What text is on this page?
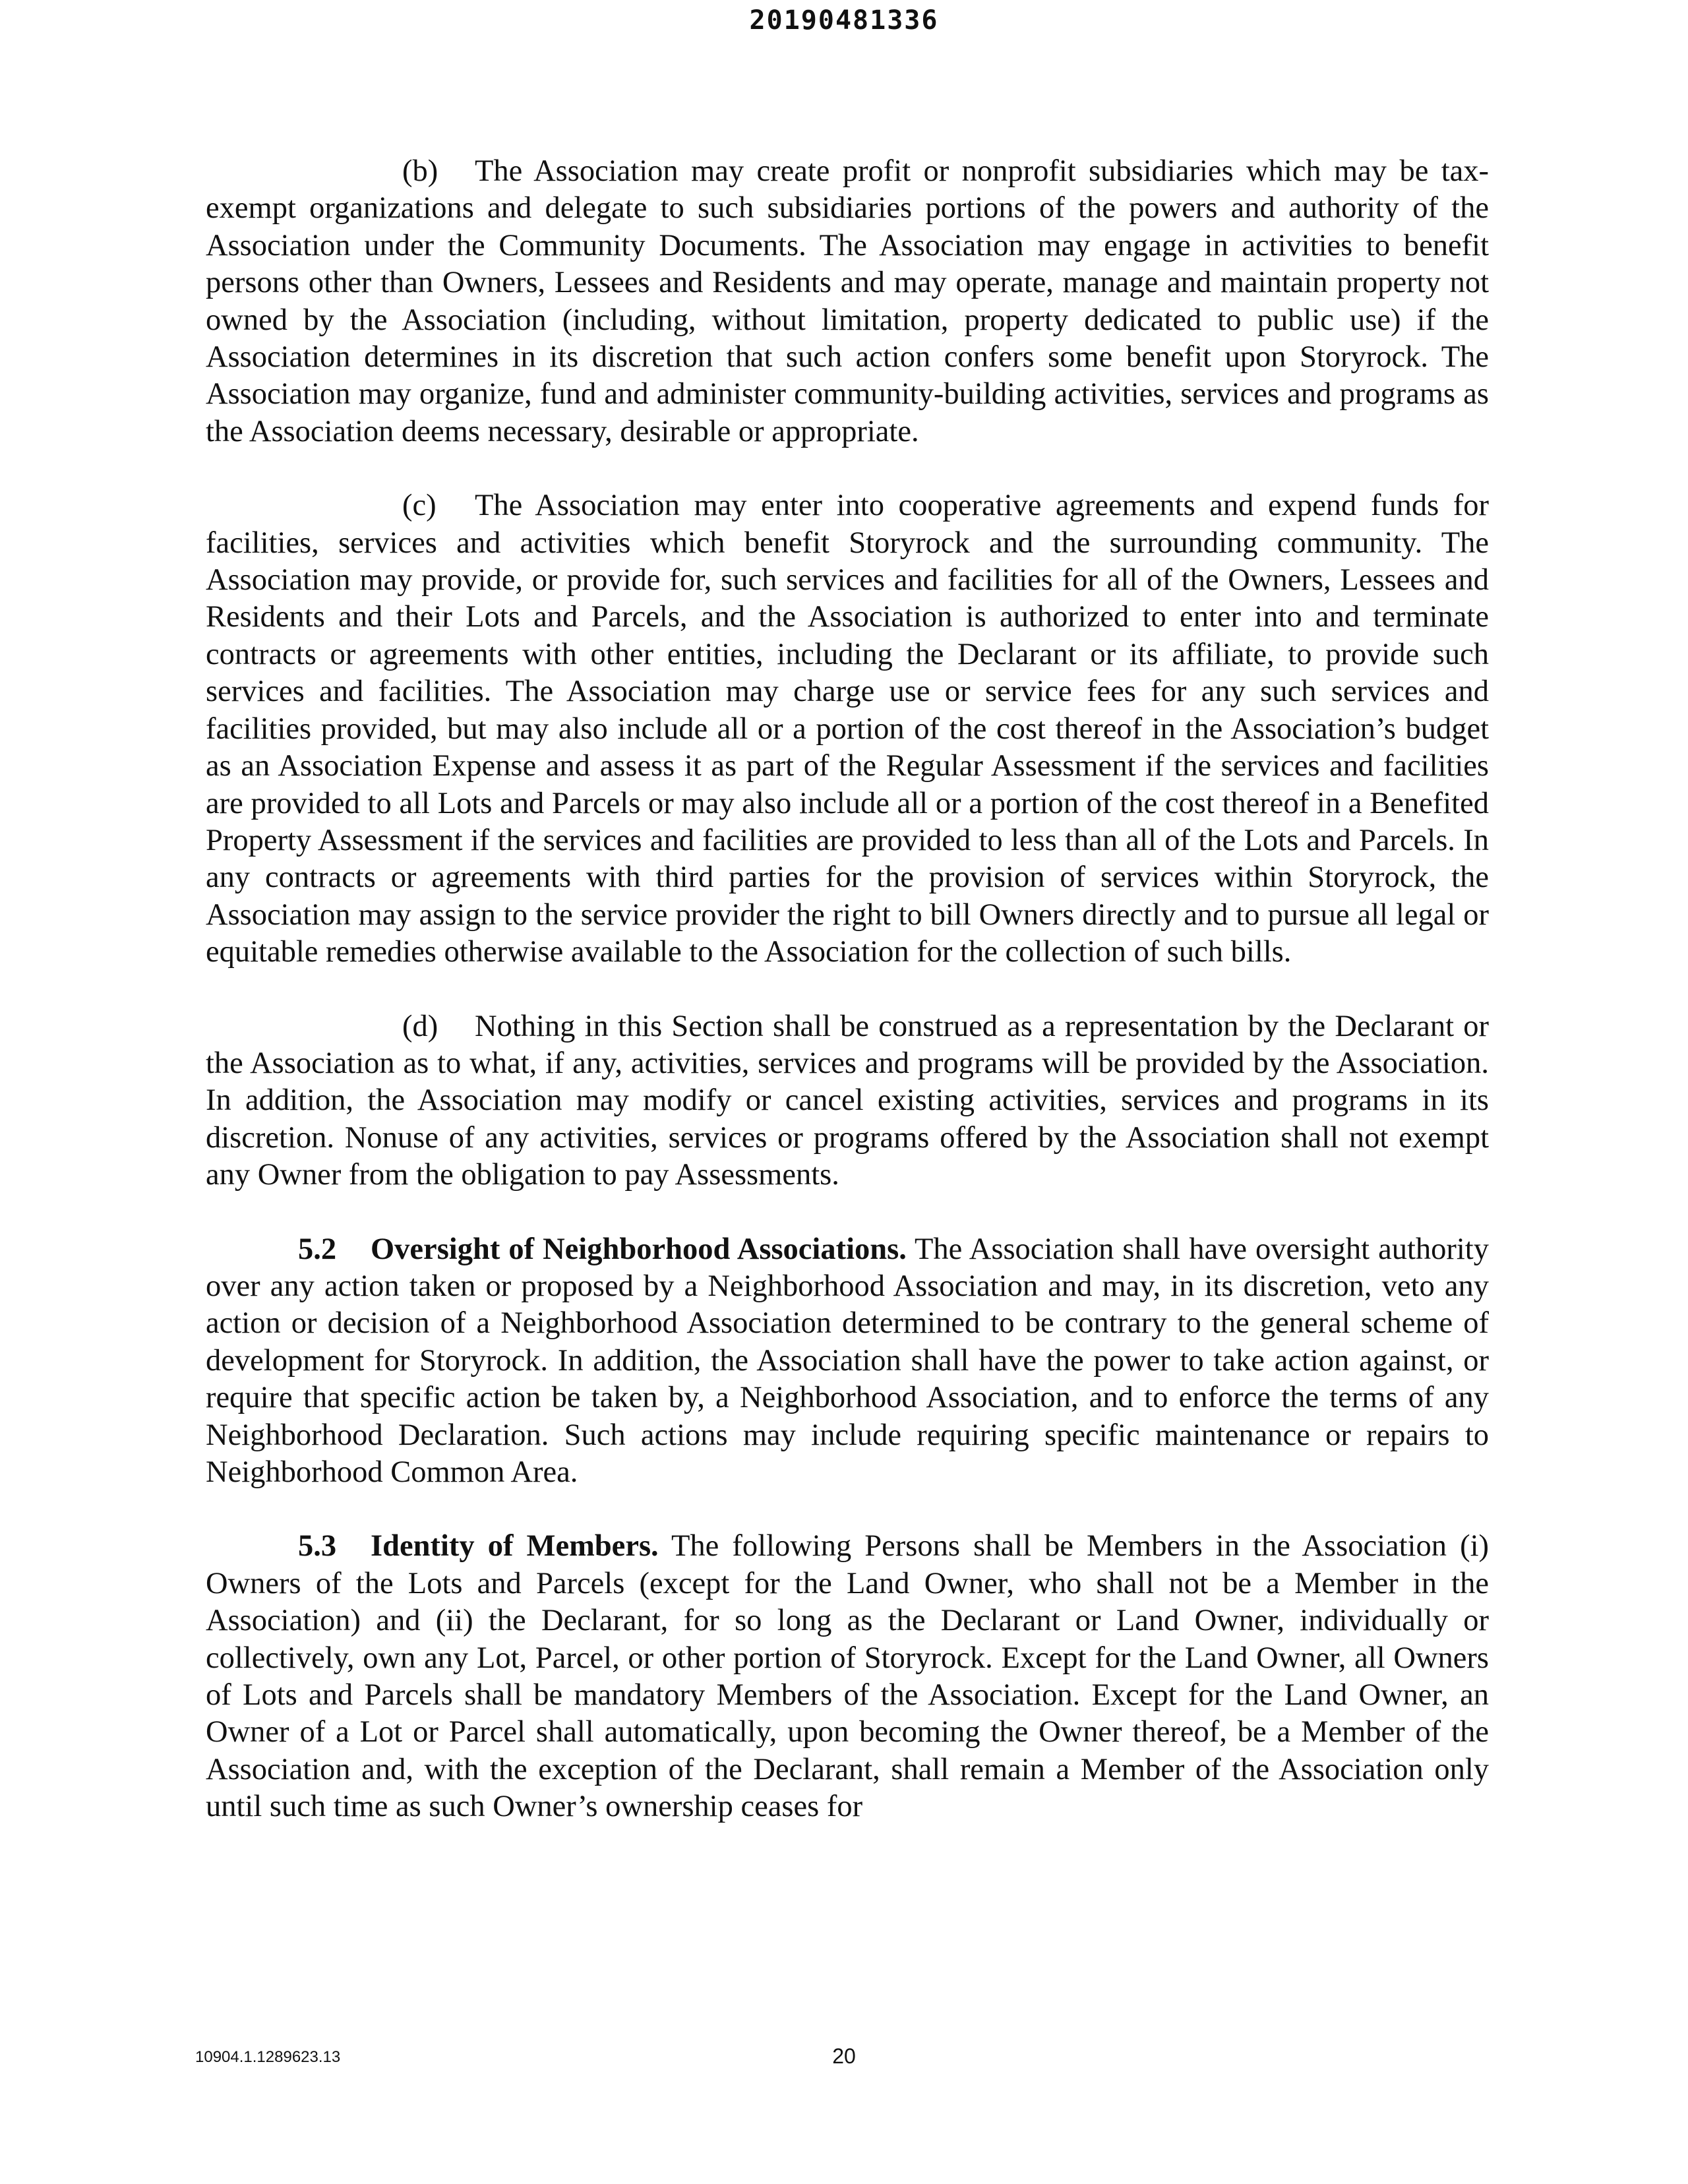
20190481336

(b) The Association may create profit or nonprofit subsidiaries which may be tax-exempt organizations and delegate to such subsidiaries portions of the powers and authority of the Association under the Community Documents. The Association may engage in activities to benefit persons other than Owners, Lessees and Residents and may operate, manage and maintain property not owned by the Association (including, without limitation, property dedicated to public use) if the Association determines in its discretion that such action confers some benefit upon Storyrock. The Association may organize, fund and administer community-building activities, services and programs as the Association deems necessary, desirable or appropriate.

(c) The Association may enter into cooperative agreements and expend funds for facilities, services and activities which benefit Storyrock and the surrounding community. The Association may provide, or provide for, such services and facilities for all of the Owners, Lessees and Residents and their Lots and Parcels, and the Association is authorized to enter into and terminate contracts or agreements with other entities, including the Declarant or its affiliate, to provide such services and facilities. The Association may charge use or service fees for any such services and facilities provided, but may also include all or a portion of the cost thereof in the Association’s budget as an Association Expense and assess it as part of the Regular Assessment if the services and facilities are provided to all Lots and Parcels or may also include all or a portion of the cost thereof in a Benefited Property Assessment if the services and facilities are provided to less than all of the Lots and Parcels. In any contracts or agreements with third parties for the provision of services within Storyrock, the Association may assign to the service provider the right to bill Owners directly and to pursue all legal or equitable remedies otherwise available to the Association for the collection of such bills.

(d) Nothing in this Section shall be construed as a representation by the Declarant or the Association as to what, if any, activities, services and programs will be provided by the Association. In addition, the Association may modify or cancel existing activities, services and programs in its discretion. Nonuse of any activities, services or programs offered by the Association shall not exempt any Owner from the obligation to pay Assessments.

5.2 Oversight of Neighborhood Associations. The Association shall have oversight authority over any action taken or proposed by a Neighborhood Association and may, in its discretion, veto any action or decision of a Neighborhood Association determined to be contrary to the general scheme of development for Storyrock. In addition, the Association shall have the power to take action against, or require that specific action be taken by, a Neighborhood Association, and to enforce the terms of any Neighborhood Declaration. Such actions may include requiring specific maintenance or repairs to Neighborhood Common Area.

5.3 Identity of Members. The following Persons shall be Members in the Association (i) Owners of the Lots and Parcels (except for the Land Owner, who shall not be a Member in the Association) and (ii) the Declarant, for so long as the Declarant or Land Owner, individually or collectively, own any Lot, Parcel, or other portion of Storyrock. Except for the Land Owner, all Owners of Lots and Parcels shall be mandatory Members of the Association. Except for the Land Owner, an Owner of a Lot or Parcel shall automatically, upon becoming the Owner thereof, be a Member of the Association and, with the exception of the Declarant, shall remain a Member of the Association only until such time as such Owner’s ownership ceases for

10904.1.1289623.13	20
